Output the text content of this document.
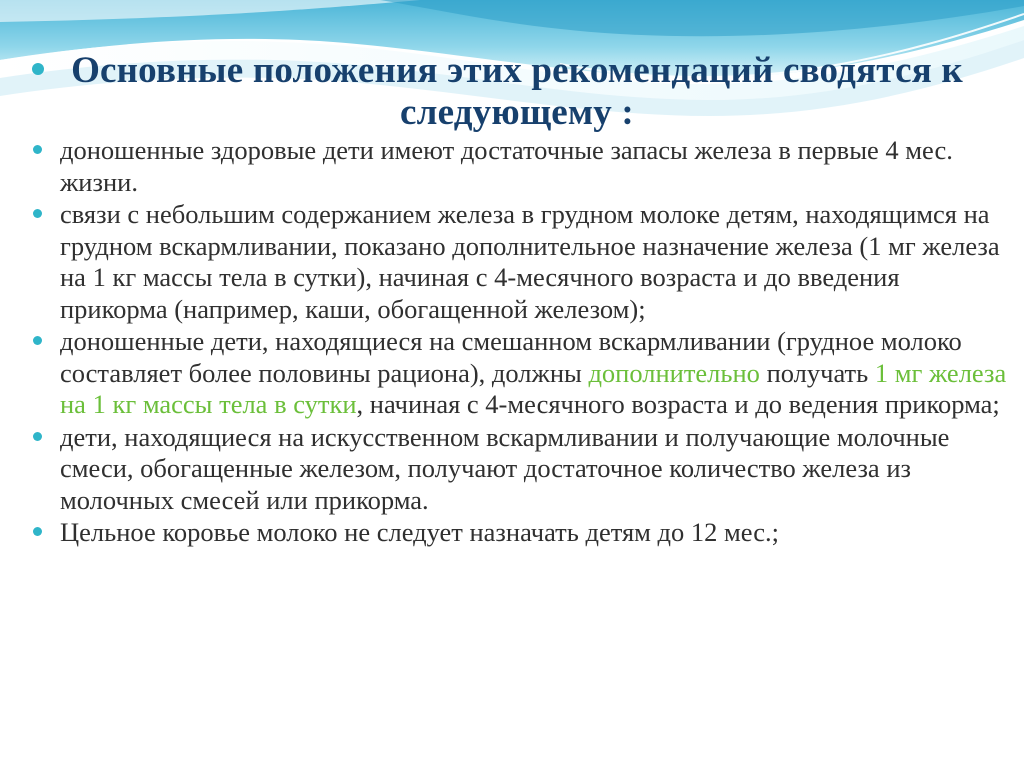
Основные положения этих рекомендаций сводятся к следующему :
доношенные здоровые дети имеют достаточные запасы железа в первые 4 мес. жизни.
связи с небольшим содержанием железа в грудном молоке детям, находящимся на грудном вскармливании, показано дополнительное назначение железа (1 мг железа на 1 кг массы тела в сутки), начиная с 4-месячного возраста и до введения прикорма (например, каши, обогащенной железом);
доношенные дети, находящиеся на смешанном вскармливании (грудное молоко составляет более половины рациона), должны дополнительно получать 1 мг железа на 1 кг массы тела в сутки, начиная с 4-месячного возраста и до ведения прикорма;
дети, находящиеся на искусственном вскармливании и получающие молочные смеси, обогащенные железом, получают достаточное количество железа из молочных смесей или прикорма.
Цельное коровье молоко не следует назначать детям до 12 мес.;
